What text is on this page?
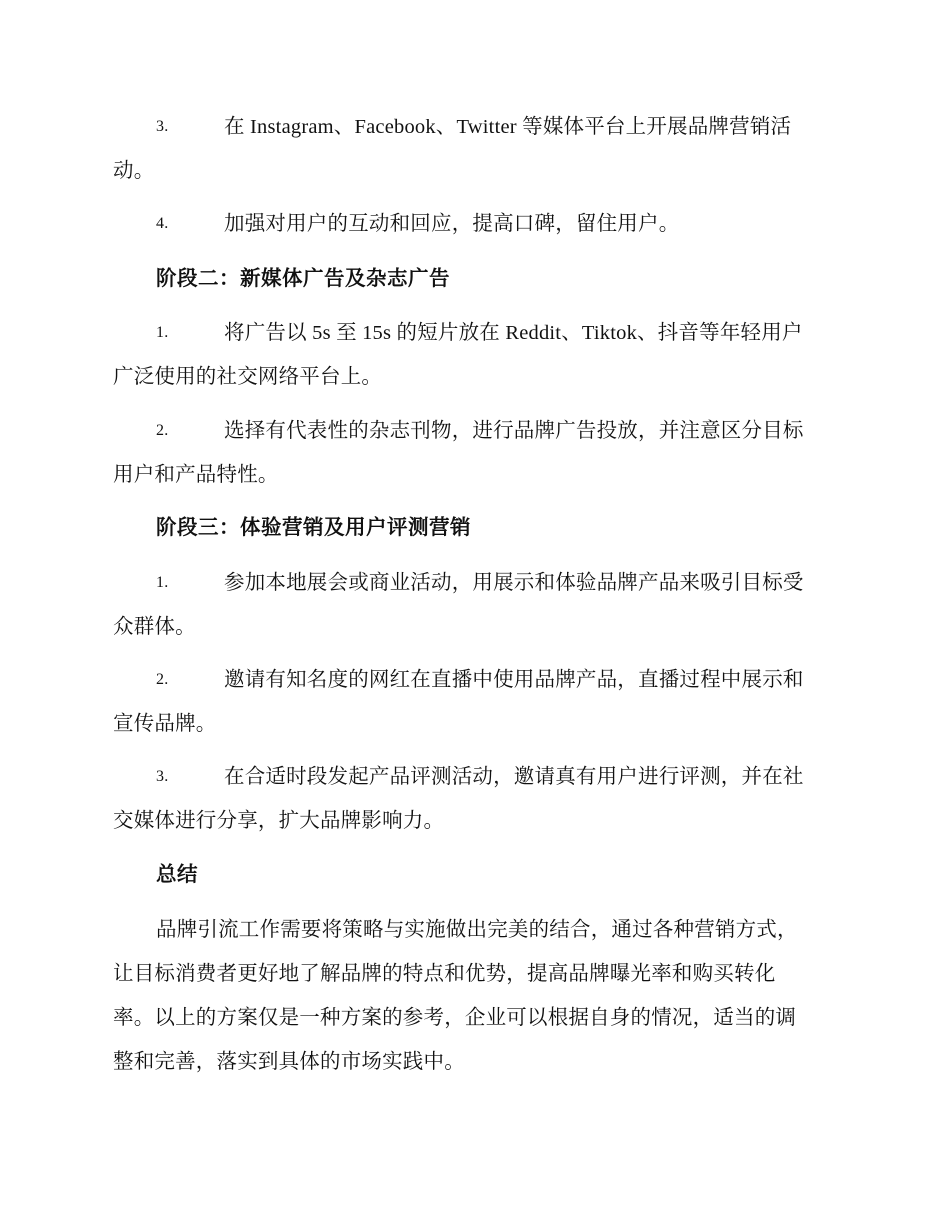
3.	在 Instagram、Facebook、Twitter 等媒体平台上开展品牌营销活
动。
4.	加强对用户的互动和回应，提高口碑，留住用户。
阶段二：新媒体广告及杂志广告
1.	将广告以 5s 至 15s 的短片放在 Reddit、Tiktok、抖音等年轻用户
广泛使用的社交网络平台上。
2.	选择有代表性的杂志刊物，进行品牌广告投放，并注意区分目标
用户和产品特性。
阶段三：体验营销及用户评测营销
1.	参加本地展会或商业活动，用展示和体验品牌产品来吸引目标受
众群体。
2.	邀请有知名度的网红在直播中使用品牌产品，直播过程中展示和
宣传品牌。
3.	在合适时段发起产品评测活动，邀请真有用户进行评测，并在社
交媒体进行分享，扩大品牌影响力。
总结
品牌引流工作需要将策略与实施做出完美的结合，通过各种营销方式，
让目标消费者更好地了解品牌的特点和优势，提高品牌曝光率和购买转化
率。以上的方案仅是一种方案的参考，企业可以根据自身的情况，适当的调
整和完善，落实到具体的市场实践中。
